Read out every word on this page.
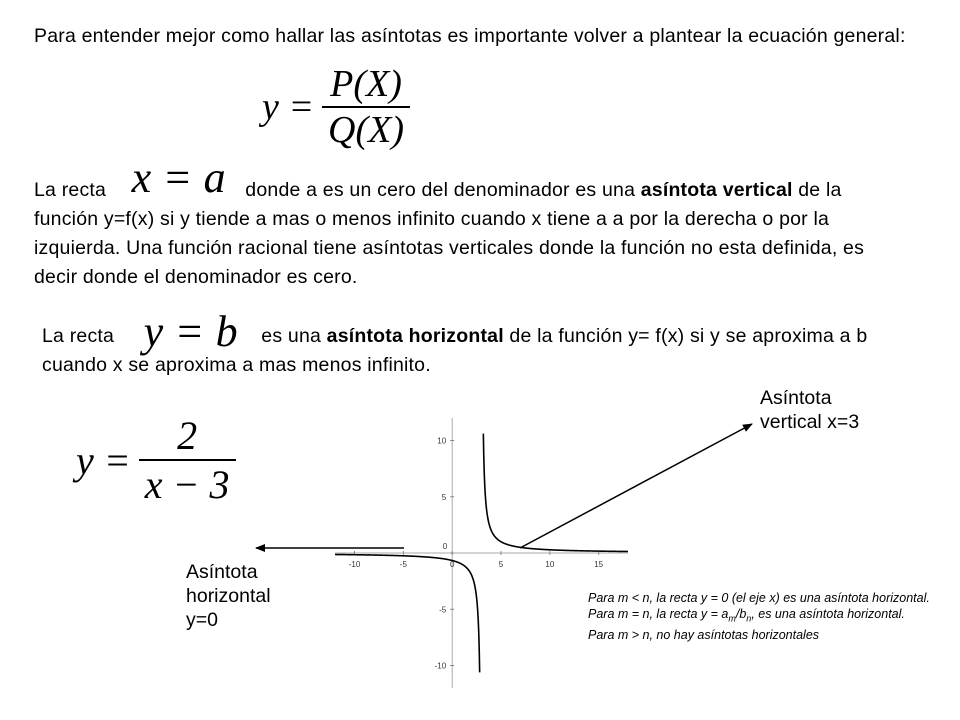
Para entender mejor como hallar las asíntotas es importante volver a plantear la ecuación general:
$y = \frac{P(X)}{Q(X)}$
La recta x = a donde a es un cero del denominador es una asíntota vertical de la función y=f(x) si y tiende a mas o menos infinito cuando x tiene a a por la derecha o por la izquierda. Una función racional tiene asíntotas verticales donde la función no esta definida, es decir donde el denominador es cero.
La recta y = b es una asíntota horizontal de la función y= f(x) si y se aproxima a b cuando x se aproxima a mas menos infinito.
$y = \frac{2}{x - 3}$
Asíntota
vertical x=3
Asíntota
horizontal
y=0
-10	-5	0	5	10	15
10
5
-5
-10
0
Para m < n, la recta y = 0 (el eje x) es una asíntota horizontal.
Para m = n, la recta $y = a_m/b_n$, es una asíntota horizontal.
Para m > n, no hay asíntotas horizontales
